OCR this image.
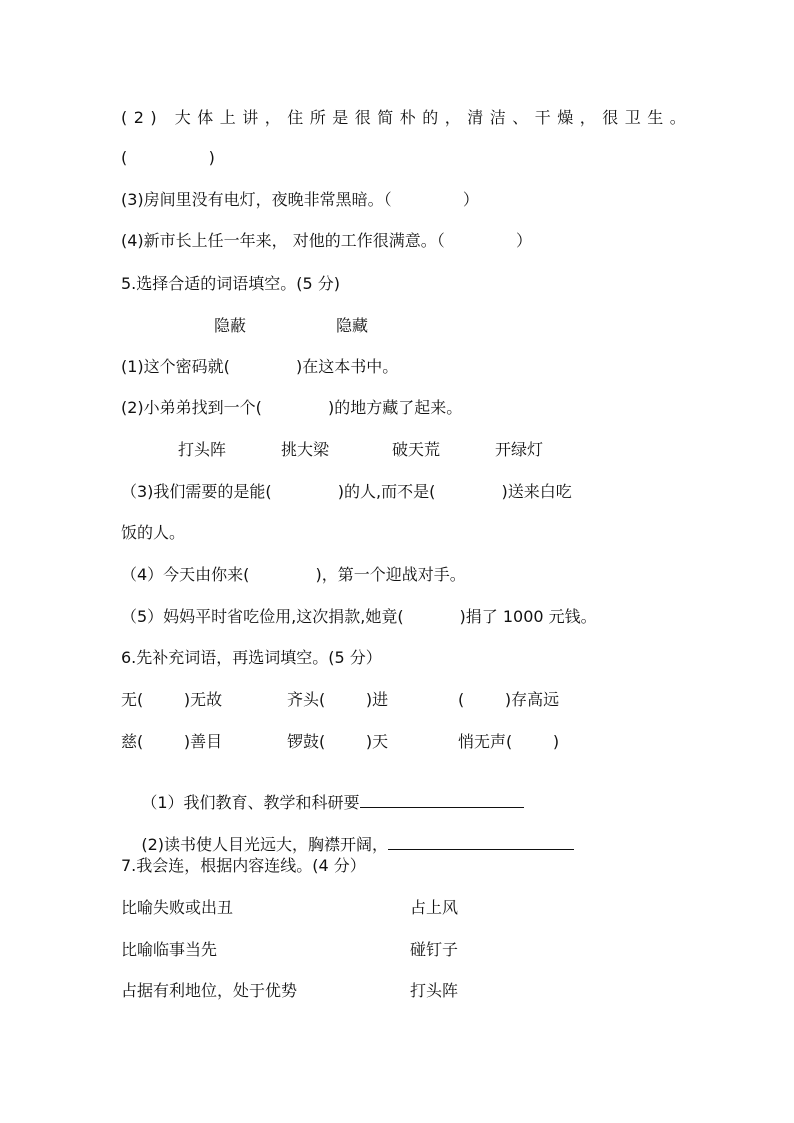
(2) 大体上讲，住所是很简朴的，清洁、干燥，很卫生。
(                )
(3)房间里没有电灯，夜晚非常黑暗。（              ）
(4)新市长上任一年来， 对他的工作很满意。（              ）
5.选择合适的词语填空。(5 分)
隐蔽	隐藏
(1)这个密码就(             )在这本书中。
(2)小弟弟找到一个(             )的地方藏了起来。
打头阵	挑大梁	破天荒	开绿灯
（3)我们需要的是能(             )的人,而不是(             )送来白吃
饭的人。
（4）今天由你来(             )，第一个迎战对手。
（5）妈妈平时省吃俭用,这次捐款,她竟(           )捐了 1000 元钱。
6.先补充词语，再选词填空。(5 分）
无(        )无故	齐头(        )进	(        )存高远
慈(        )善目	锣鼓(        )天	悄无声(        )

（1）我们教育、教学和科研要

(2)读书使人目光远大，胸襟开阔，

7.我会连，根据内容连线。(4 分）
比喻失败或出丑	占上风
比喻临事当先	碰钉子
占据有利地位，处于优势	打头阵
